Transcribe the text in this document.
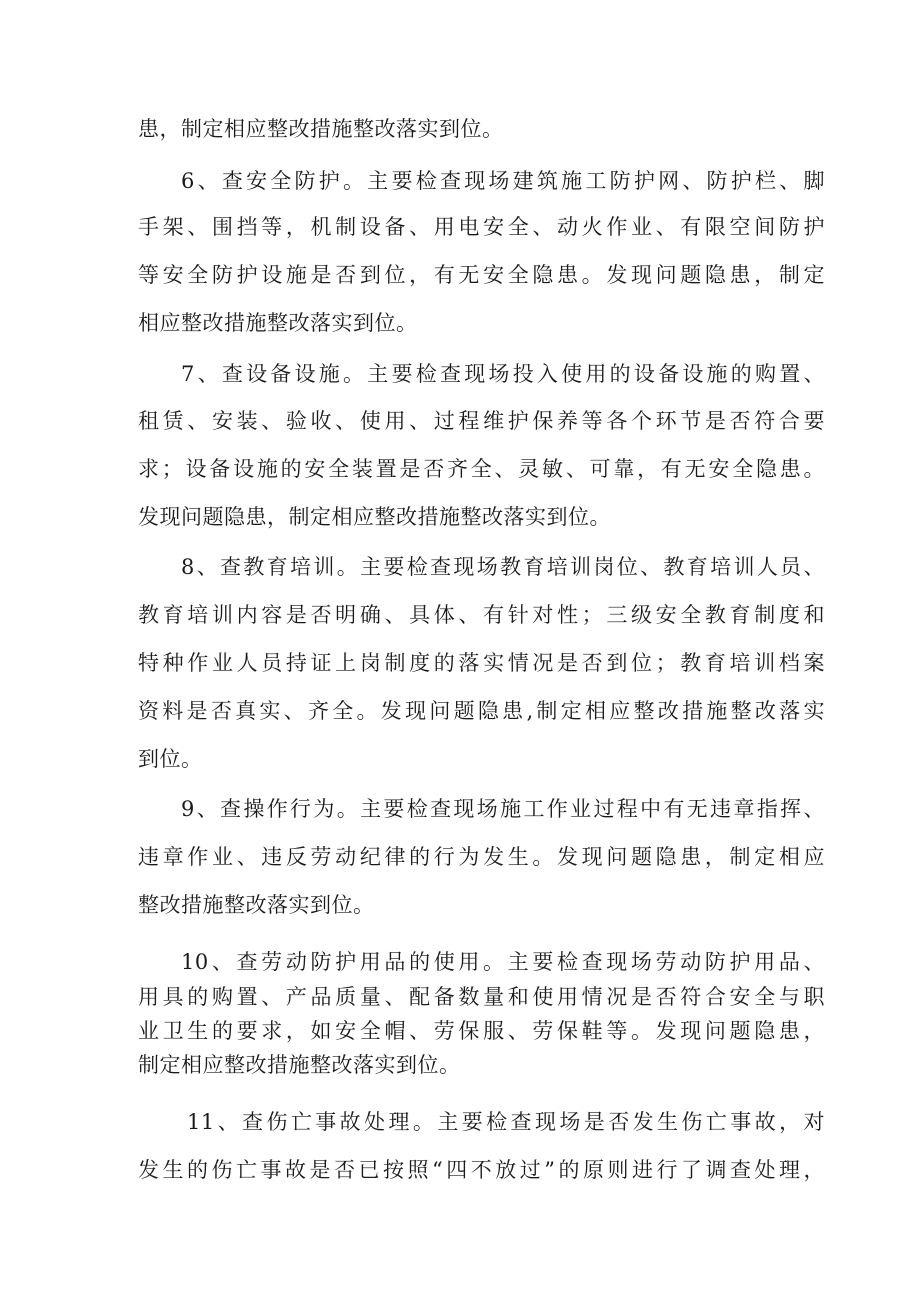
患，制定相应整改措施整改落实到位。

6、查安全防护。主要检查现场建筑施工防护网、防护栏、脚

手架、围挡等，机制设备、用电安全、动火作业、有限空间防护

等安全防护设施是否到位，有无安全隐患。发现问题隐患，制定

相应整改措施整改落实到位。

7、查设备设施。主要检查现场投入使用的设备设施的购置、

租赁、安装、验收、使用、过程维护保养等各个环节是否符合要

求；设备设施的安全装置是否齐全、灵敏、可靠，有无安全隐患。

发现问题隐患，制定相应整改措施整改落实到位。

8、查教育培训。主要检查现场教育培训岗位、教育培训人员、

教育培训内容是否明确、具体、有针对性；三级安全教育制度和

特种作业人员持证上岗制度的落实情况是否到位；教育培训档案

资料是否真实、齐全。发现问题隐患,制定相应整改措施整改落实

到位。

9、查操作行为。主要检查现场施工作业过程中有无违章指挥、

违章作业、违反劳动纪律的行为发生。发现问题隐患，制定相应

整改措施整改落实到位。

10、查劳动防护用品的使用。主要检查现场劳动防护用品、

用具的购置、产品质量、配备数量和使用情况是否符合安全与职

业卫生的要求，如安全帽、劳保服、劳保鞋等。发现问题隐患，

制定相应整改措施整改落实到位。

11、查伤亡事故处理。主要检查现场是否发生伤亡事故，对

发生的伤亡事故是否已按照“四不放过”的原则进行了调查处理，
